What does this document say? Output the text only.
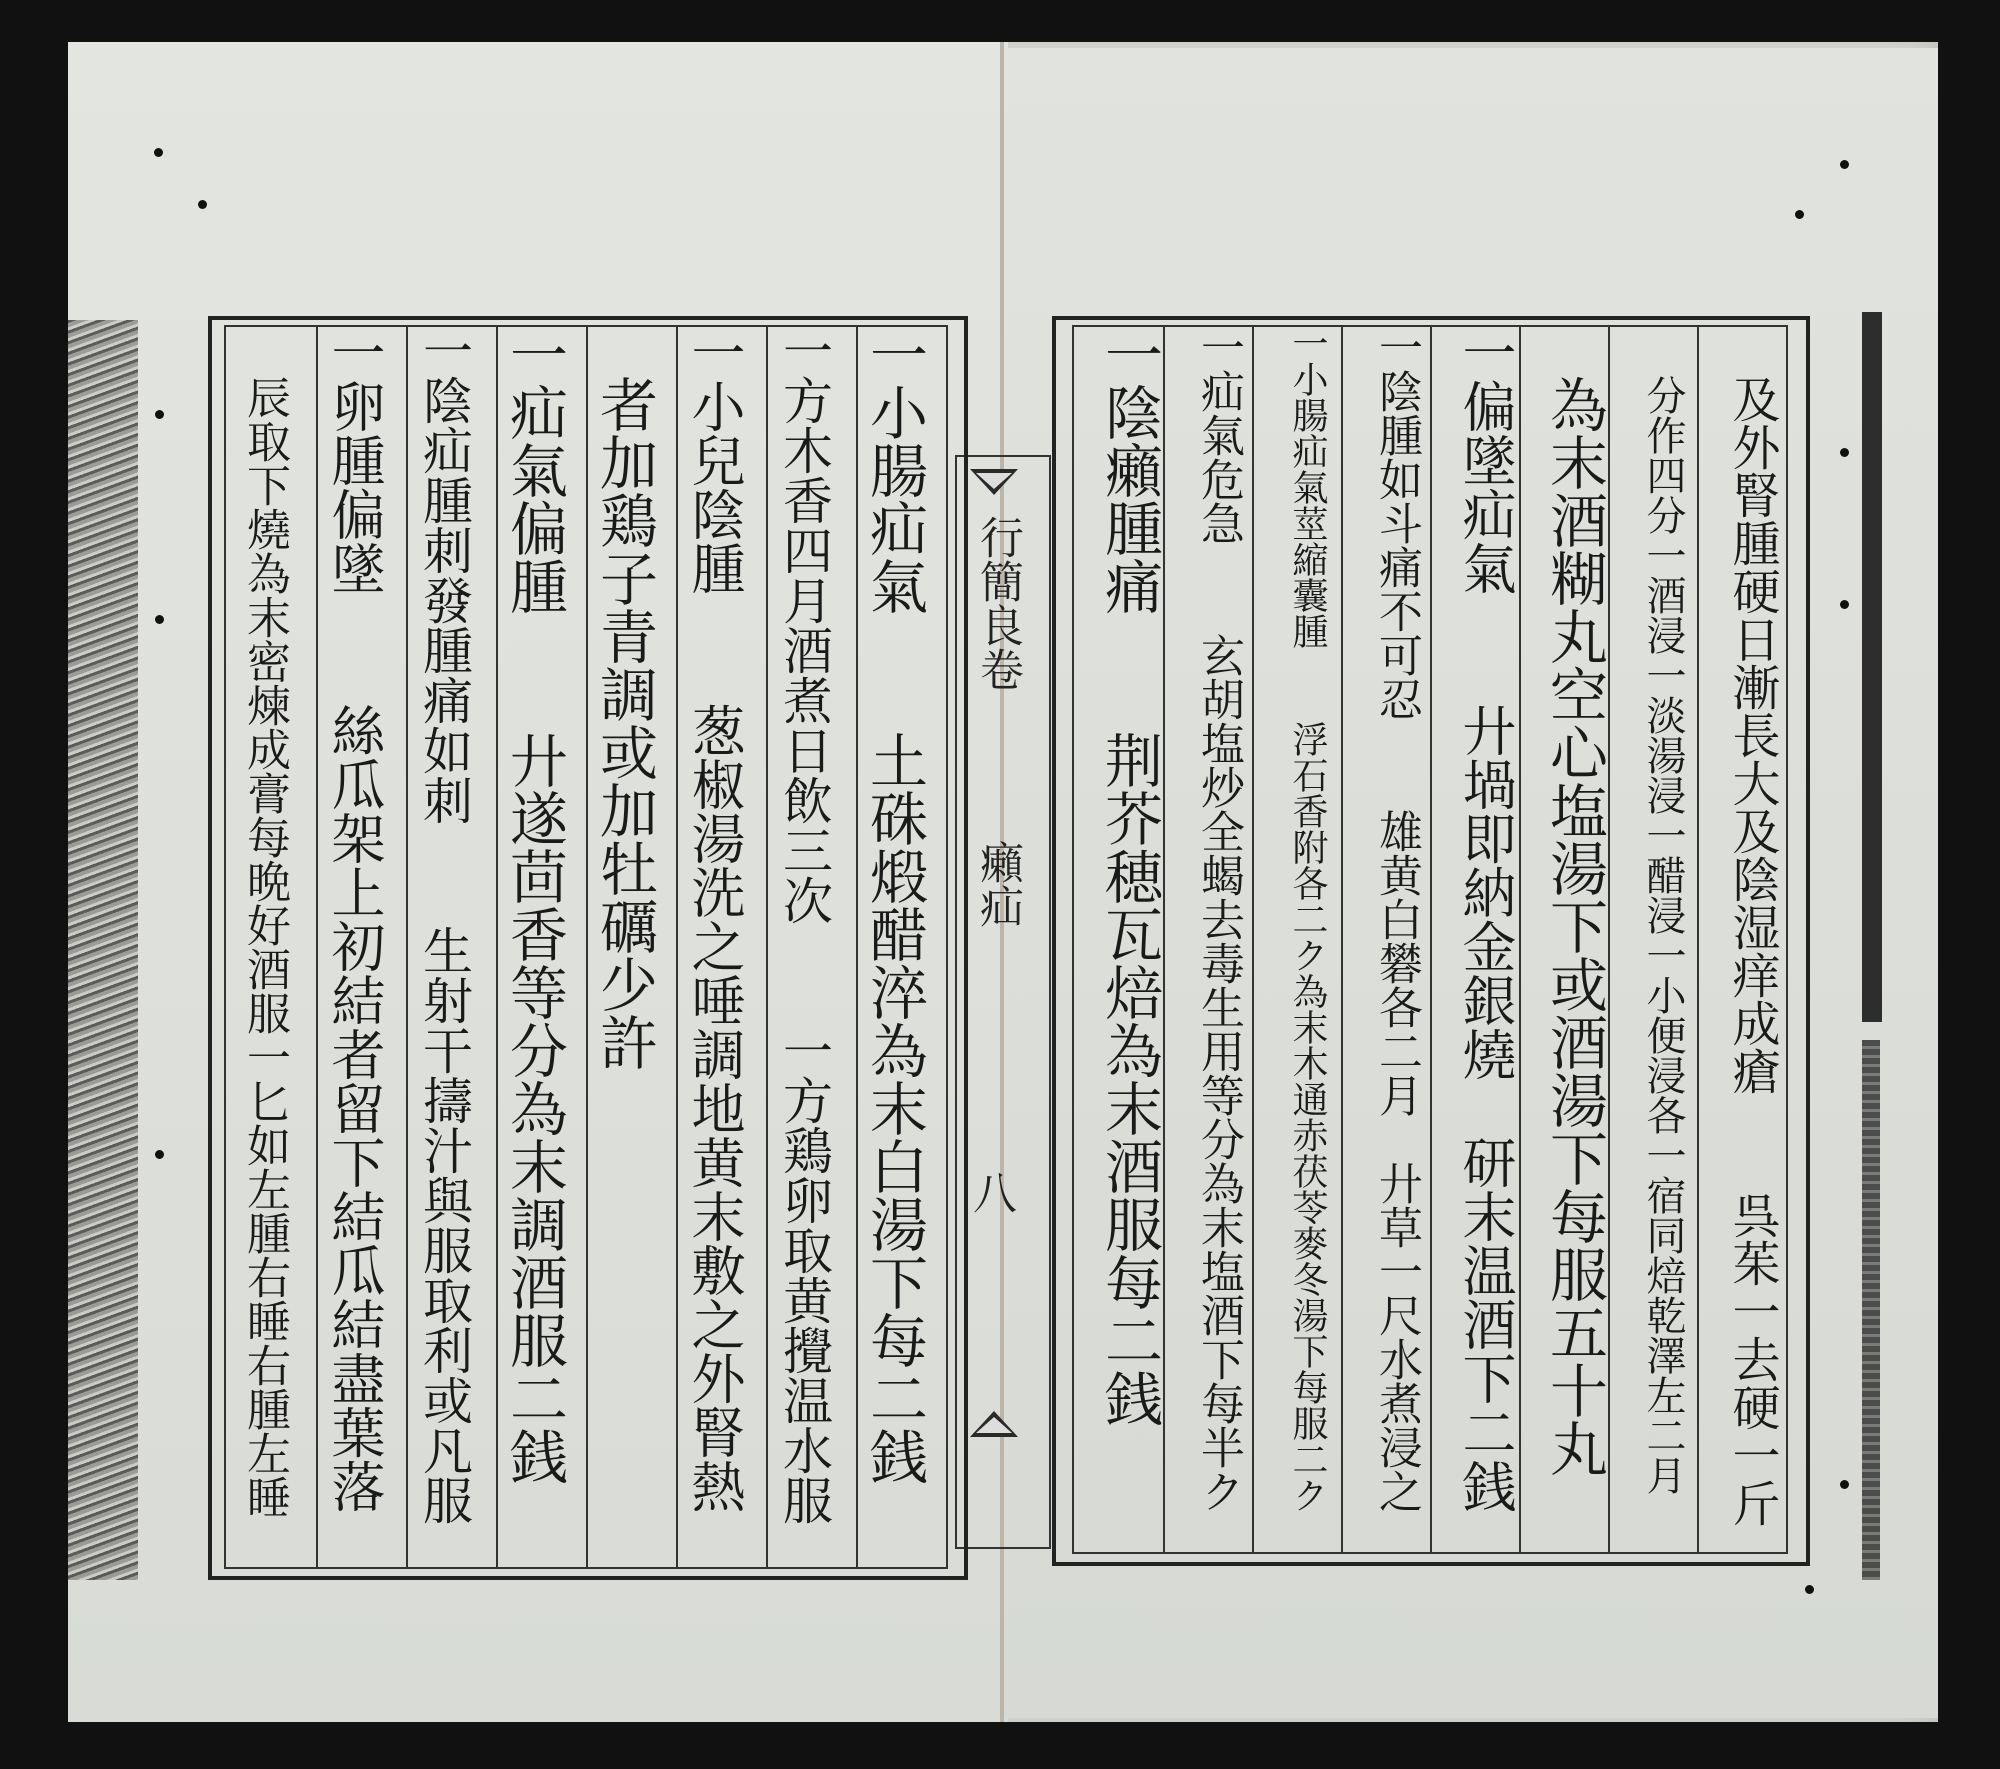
及外腎腫硬日漸長大及陰湿痒成瘡　　呉茱一去硬一斤
分作四分一酒浸一淡湯浸一醋浸一小便浸各一宿同焙乾澤左二月
為末酒糊丸空心塩湯下或酒湯下每服五十丸
一偏墜疝氣　　廾堝即納金銀燒　研末温酒下二銭
一陰腫如斗痛不可忍　　雄黄白礬各二月　廾草一尺水煮浸之
一小腸疝氣莖縮囊腫　　浮石香附各二ク為末木通赤茯苓麥冬湯下每服二ク
一疝氣危急　　玄胡塩炒全蝎去毒生用等分為末塩酒下每半ク
一陰癩腫痛　　荆芥穂瓦焙為末酒服每二銭
行簡良卷
癩疝
八
一小腸疝氣　　土硃煅醋淬為末白湯下每二銭
一方木香四月酒煮日飲三次　　一方鶏卵取黄攪温水服
一小兒陰腫　　葱椒湯洗之唾調地黄末敷之外腎熱
者加鶏子青調或加牡礪少許
一疝氣偏腫　　廾遂茴香等分為末調酒服二銭
一陰疝腫刺發腫痛如刺　　生射干擣汁與服取利或凡服
一卵腫偏墜　　絲瓜架上初結者留下結瓜結盡葉落
辰取下燒為末密煉成膏每晩好酒服一匕如左腫右睡右腫左睡
